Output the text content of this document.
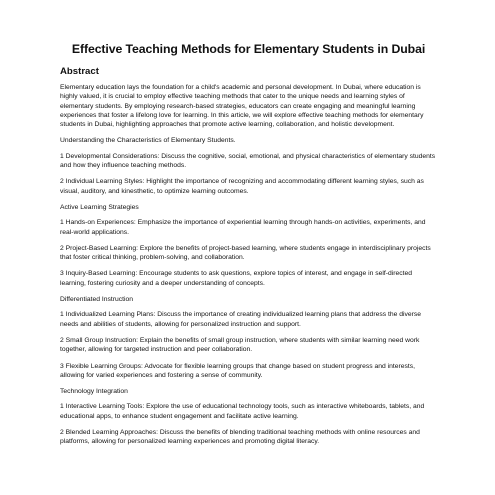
Effective Teaching Methods for Elementary Students in Dubai
Abstract

Elementary education lays the foundation for a child's academic and personal development. In Dubai, where education is highly valued, it is crucial to employ effective teaching methods that cater to the unique needs and learning styles of elementary students. By employing research-based strategies, educators can create engaging and meaningful learning experiences that foster a lifelong love for learning. In this article, we will explore effective teaching methods for elementary students in Dubai, highlighting approaches that promote active learning, collaboration, and holistic development.

Understanding the Characteristics of Elementary Students.

1 Developmental Considerations: Discuss the cognitive, social, emotional, and physical characteristics of elementary students and how they influence teaching methods.

2 Individual Learning Styles: Highlight the importance of recognizing and accommodating different learning styles, such as visual, auditory, and kinesthetic, to optimize learning outcomes.

Active Learning Strategies

1 Hands-on Experiences: Emphasize the importance of experiential learning through hands-on activities, experiments, and real-world applications.

2 Project-Based Learning: Explore the benefits of project-based learning, where students engage in interdisciplinary projects that foster critical thinking, problem-solving, and collaboration.

3 Inquiry-Based Learning: Encourage students to ask questions, explore topics of interest, and engage in self-directed learning, fostering curiosity and a deeper understanding of concepts.

Differentiated Instruction

1 Individualized Learning Plans: Discuss the importance of creating individualized learning plans that address the diverse needs and abilities of students, allowing for personalized instruction and support.

2 Small Group Instruction: Explain the benefits of small group instruction, where students with similar learning need work together, allowing for targeted instruction and peer collaboration.

3 Flexible Learning Groups: Advocate for flexible learning groups that change based on student progress and interests, allowing for varied experiences and fostering a sense of community.

Technology Integration

1 Interactive Learning Tools: Explore the use of educational technology tools, such as interactive whiteboards, tablets, and educational apps, to enhance student engagement and facilitate active learning.

2 Blended Learning Approaches: Discuss the benefits of blending traditional teaching methods with online resources and platforms, allowing for personalized learning experiences and promoting digital literacy.
